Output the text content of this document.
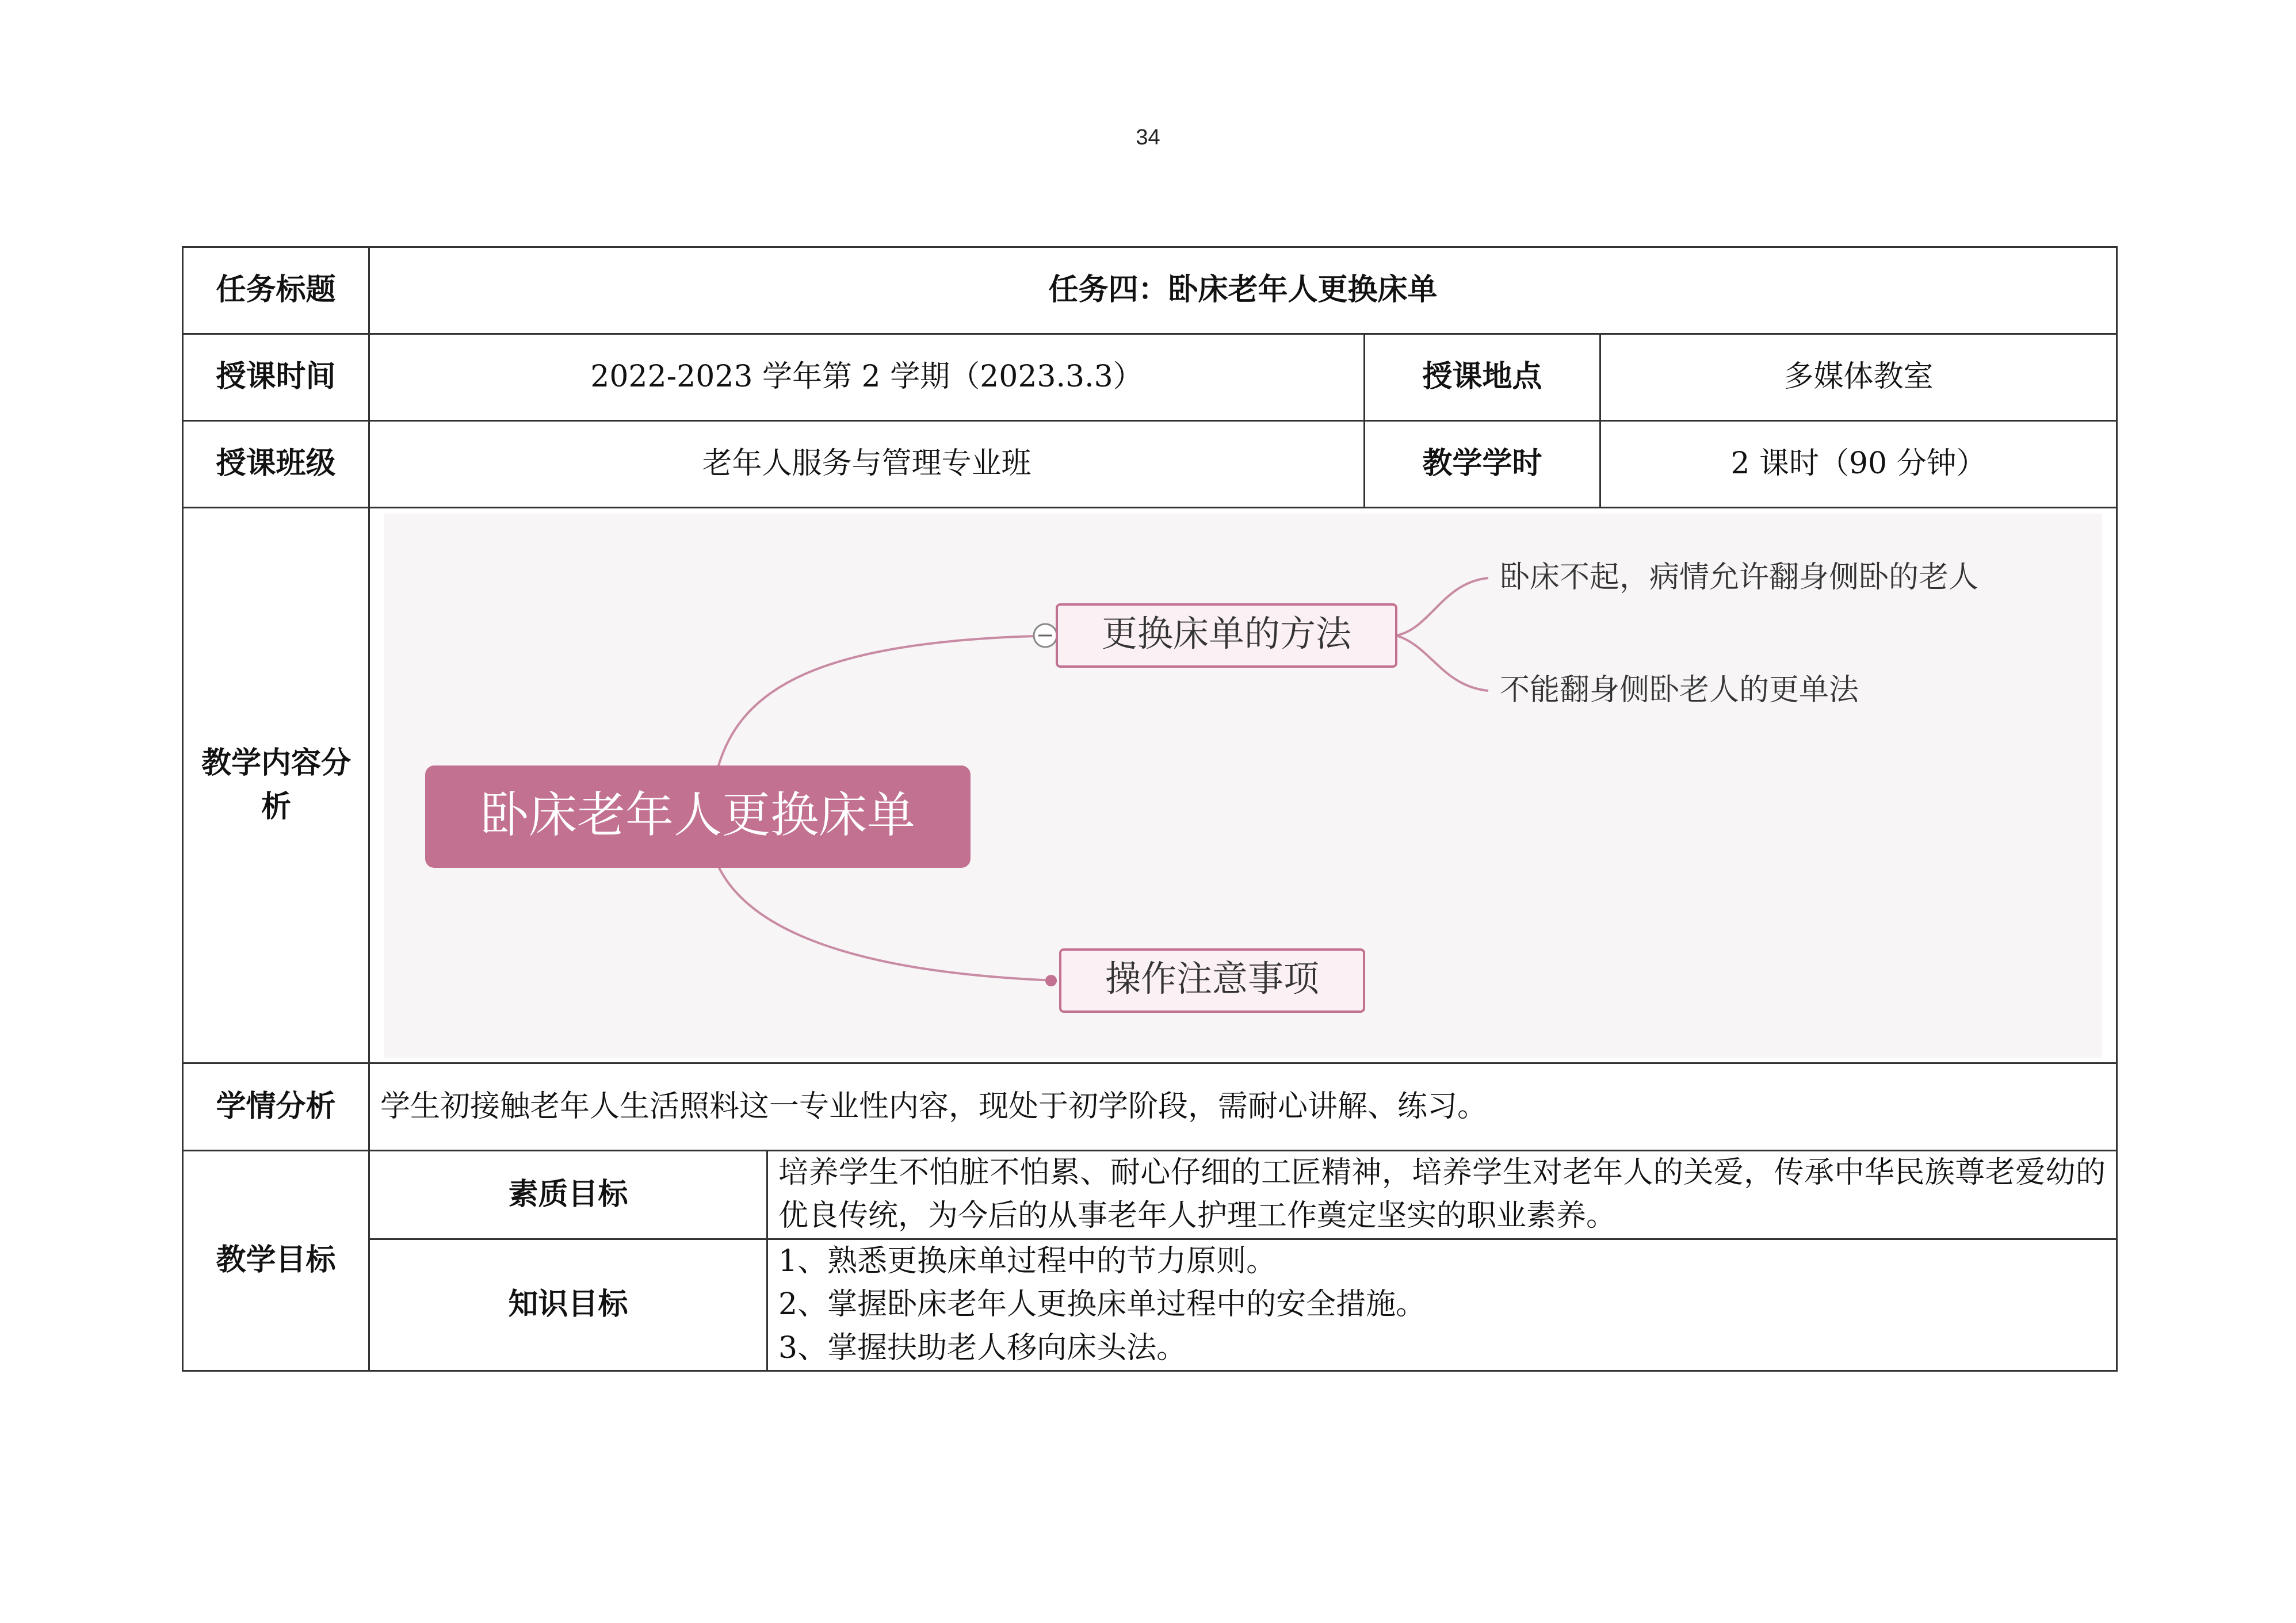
34
任务标题	任务四：卧床老年人更换床单			
授课时间	2022-2023 学年第 2 学期（2023.3.3）		授课地点	多媒体教室
授课班级	老年人服务与管理专业班		教学学时	2 课时（90 分钟）
教学内容分析	卧床老年人更换床单
更换床单的方法
操作注意事项
卧床不起，病情允许翻身侧卧的老人
不能翻身侧卧老人的更单法			

学情分析	学生初接触老年人生活照料这一专业性内容，现处于初学阶段，需耐心讲解、练习。			
教学目标	素质目标	培养学生不怕脏不怕累、耐心仔细的工匠精神，培养学生对老年人的关爱，传承中华民族尊老爱幼的优良传统，为今后的从事老年人护理工作奠定坚实的职业素养。		
	知识目标	1、熟悉更换床单过程中的节力原则。
2、掌握卧床老年人更换床单过程中的安全措施。
3、掌握扶助老人移向床头法。		
